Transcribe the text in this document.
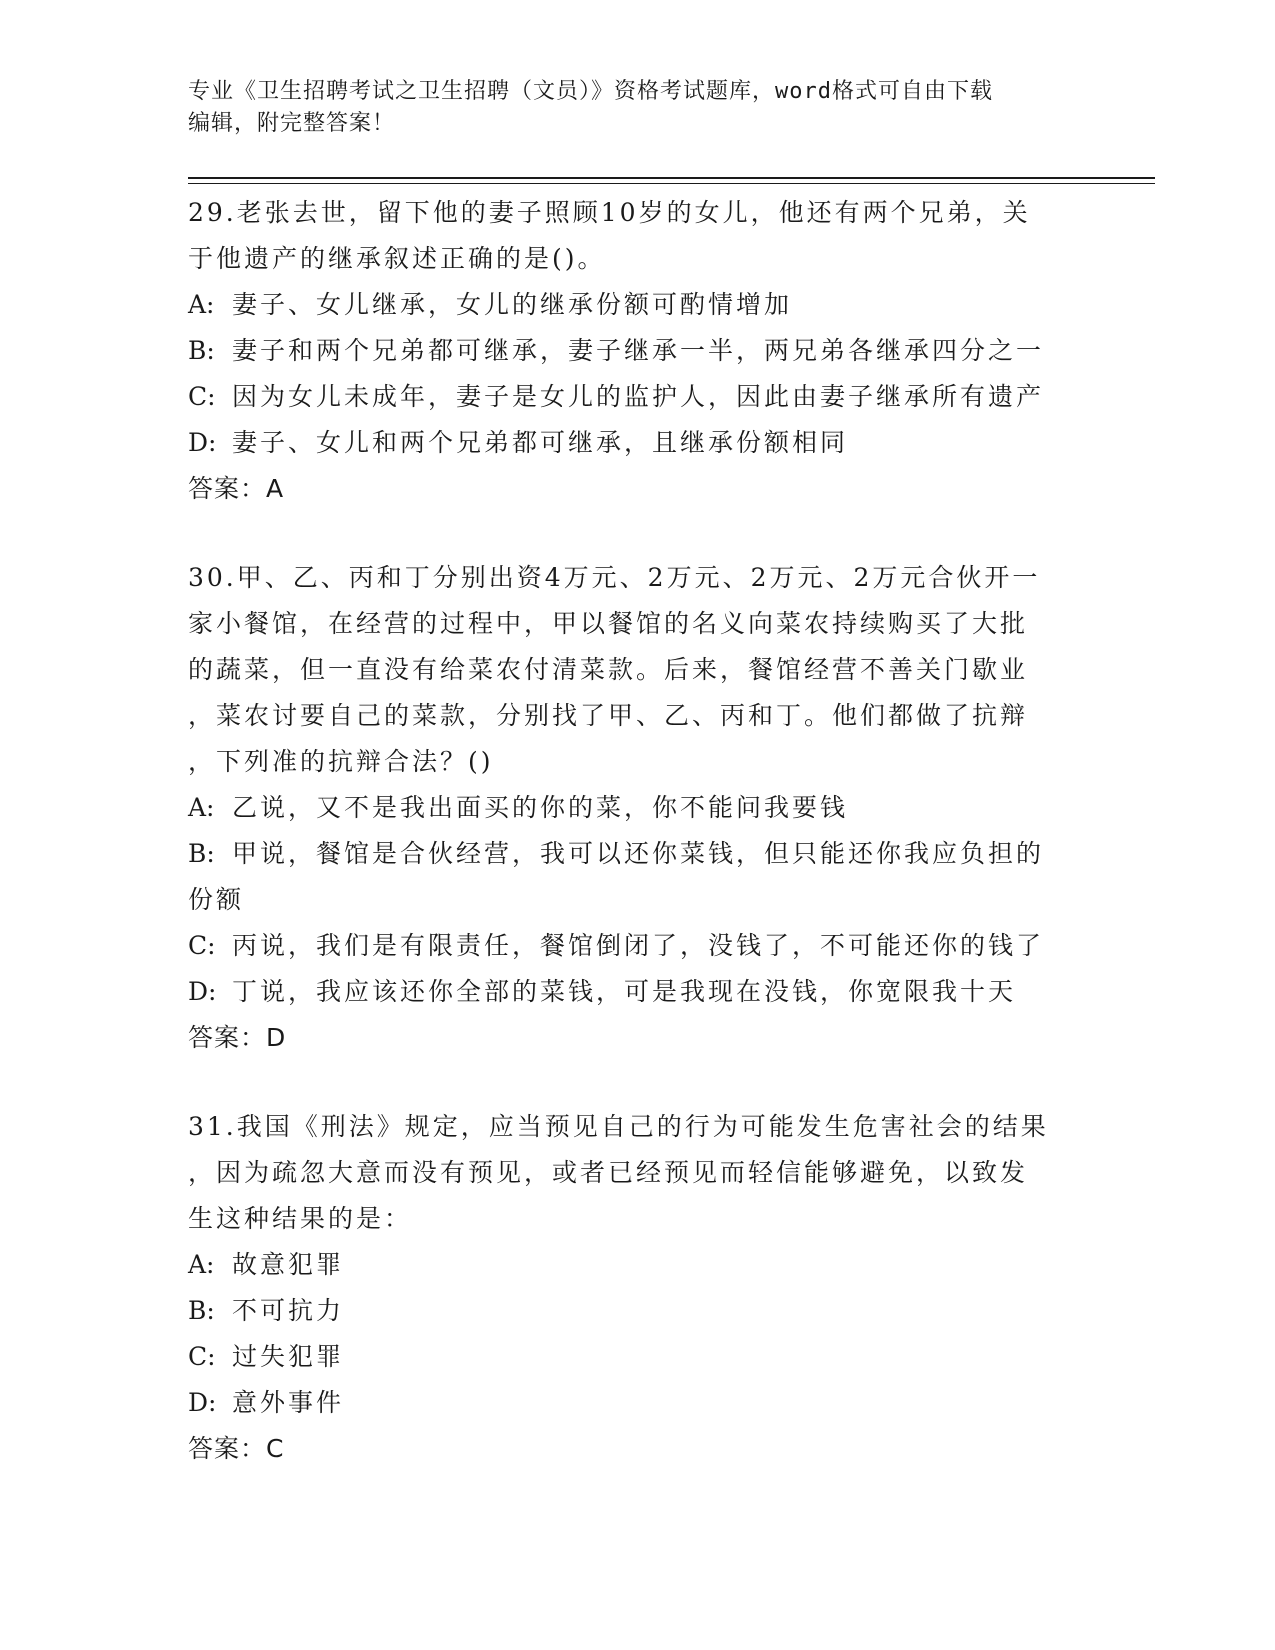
专业《卫生招聘考试之卫生招聘（文员）》资格考试题库，word格式可自由下载
编辑，附完整答案！
29.老张去世，留下他的妻子照顾10岁的女儿，他还有两个兄弟，关
于他遗产的继承叙述正确的是()。
A: 妻子、女儿继承，女儿的继承份额可酌情增加
B: 妻子和两个兄弟都可继承，妻子继承一半，两兄弟各继承四分之一
C: 因为女儿未成年，妻子是女儿的监护人，因此由妻子继承所有遗产
D: 妻子、女儿和两个兄弟都可继承，且继承份额相同
答案：A
30.甲、乙、丙和丁分别出资4万元、2万元、2万元、2万元合伙开一
家小餐馆，在经营的过程中，甲以餐馆的名义向菜农持续购买了大批
的蔬菜，但一直没有给菜农付清菜款。后来，餐馆经营不善关门歇业
，菜农讨要自己的菜款，分别找了甲、乙、丙和丁。他们都做了抗辩
，下列准的抗辩合法？()
A: 乙说，又不是我出面买的你的菜，你不能问我要钱
B: 甲说，餐馆是合伙经营，我可以还你菜钱，但只能还你我应负担的
份额
C: 丙说，我们是有限责任，餐馆倒闭了，没钱了，不可能还你的钱了
D: 丁说，我应该还你全部的菜钱，可是我现在没钱，你宽限我十天
答案：D
31.我国《刑法》规定，应当预见自己的行为可能发生危害社会的结果
，因为疏忽大意而没有预见，或者已经预见而轻信能够避免，以致发
生这种结果的是：
A: 故意犯罪
B: 不可抗力
C: 过失犯罪
D: 意外事件
答案：C
